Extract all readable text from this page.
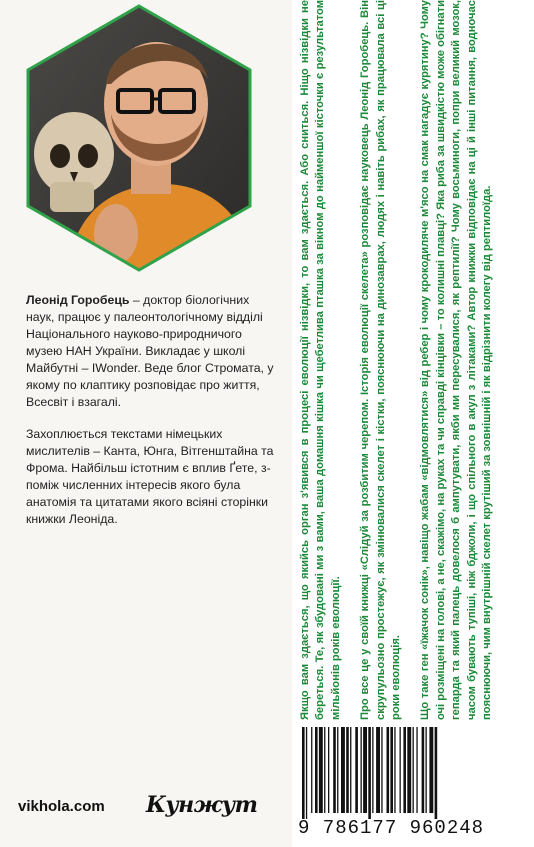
Леонід Горобець – доктор біологічних наук, працює у палеонтологічному відділі Національного науково-природничого музею НАН України. Викладає у школі Майбутні – IWonder. Веде блог Стромата, у якому по клаптику розповідає про життя, Всесвіт і взагалі.

Захоплюється текстами німецьких мислителів – Канта, Юнга, Вітгенштайна та Фрома. Найбільш істотним є вплив Ґете, з-поміж численних інтересів якого була анатомія та цитатами якого всіяні сторінки книжки Леоніда.

vikhola.com Кунжут

Якщо вам здається, що якийсь орган з'явився в процесі еволюції нізвідки, то вам здається. Або сниться. Ніщо нізвідки не береться. Те, як збудовані ми з вами, ваша домашня кішка чи щебетлива пташка за вікном до найменшої кісточки є результатом мільйонів років еволюції. Про все це у своїй книжці «Слідуй за розбитим черепом. Історія еволюції скелета» розповідає науковець Леонід Горобець. Він скрупульозно простежує, як змінювалися скелет і кістки, пояснюючи на динозаврах, людях і навіть рибах, як працювала всі ці роки еволюція. Що таке ген «їжачок сонік», навіщо жабам «відмовлятися» від ребер і чому крокодиляче м'ясо на смак нагадує курятину? Чому очі розміщені на голові, а не, скажімо, на руках та чи справді кінцівки – то колишні плавці? Яка риба за швидкістю може обігнати гепарда та який палець довелося б ампутувати, якби ми пересувалися, як рептилії? Чому восьминоги, попри великий мозок, часом бувають тупіші, ніж бджоли, і що спільного в акул з літаками? Автор книжки відповідає на ці й інші питання, водночас пояснюючи, чим внутрішній скелет крутіший за зовнішній і як відрізнити колегу від рептилоїда.

9 786177 960248
